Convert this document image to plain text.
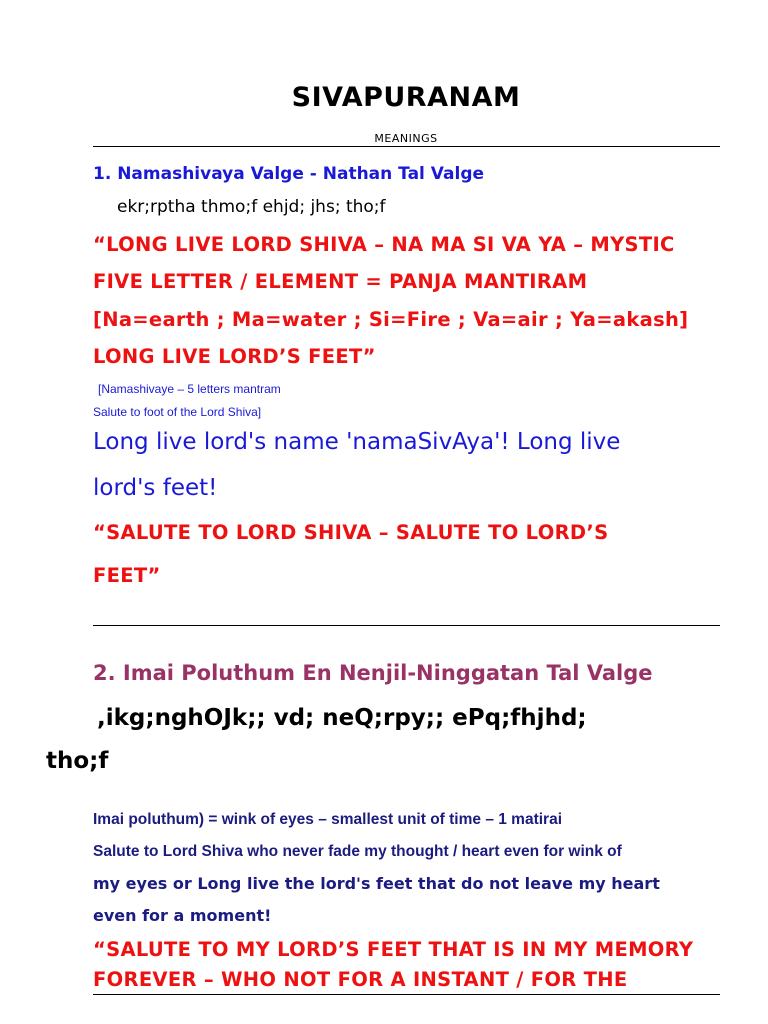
SIVAPURANAM
MEANINGS
1. Namashivaya Valge - Nathan Tal Valge
ekr;rptha thmo;f ehjd; jhs; tho;f
“LONG LIVE LORD SHIVA – NA MA SI VA YA – MYSTIC
FIVE LETTER / ELEMENT = PANJA MANTIRAM
[Na=earth ; Ma=water ; Si=Fire ; Va=air ; Ya=akash]
LONG LIVE LORD’S FEET”
[Namashivaye – 5 letters mantram
Salute to foot of the Lord Shiva]
Long live lord's name 'namaSivAya'! Long live
lord's feet!
“SALUTE TO LORD SHIVA – SALUTE TO LORD’S
FEET”
2. Imai Poluthum En Nenjil-Ninggatan Tal Valge
,ikg;nghOJk;; vd; neQ;rpy;; ePq;fhjhd;
tho;f
Imai poluthum) = wink of eyes – smallest unit of time – 1 matirai
Salute to Lord Shiva who never fade my thought / heart even for wink of
my eyes or Long live the lord's feet that do not leave my heart
even for a moment!
“SALUTE TO MY LORD’S FEET THAT IS IN MY MEMORY
FOREVER – WHO NOT FOR A INSTANT / FOR THE
